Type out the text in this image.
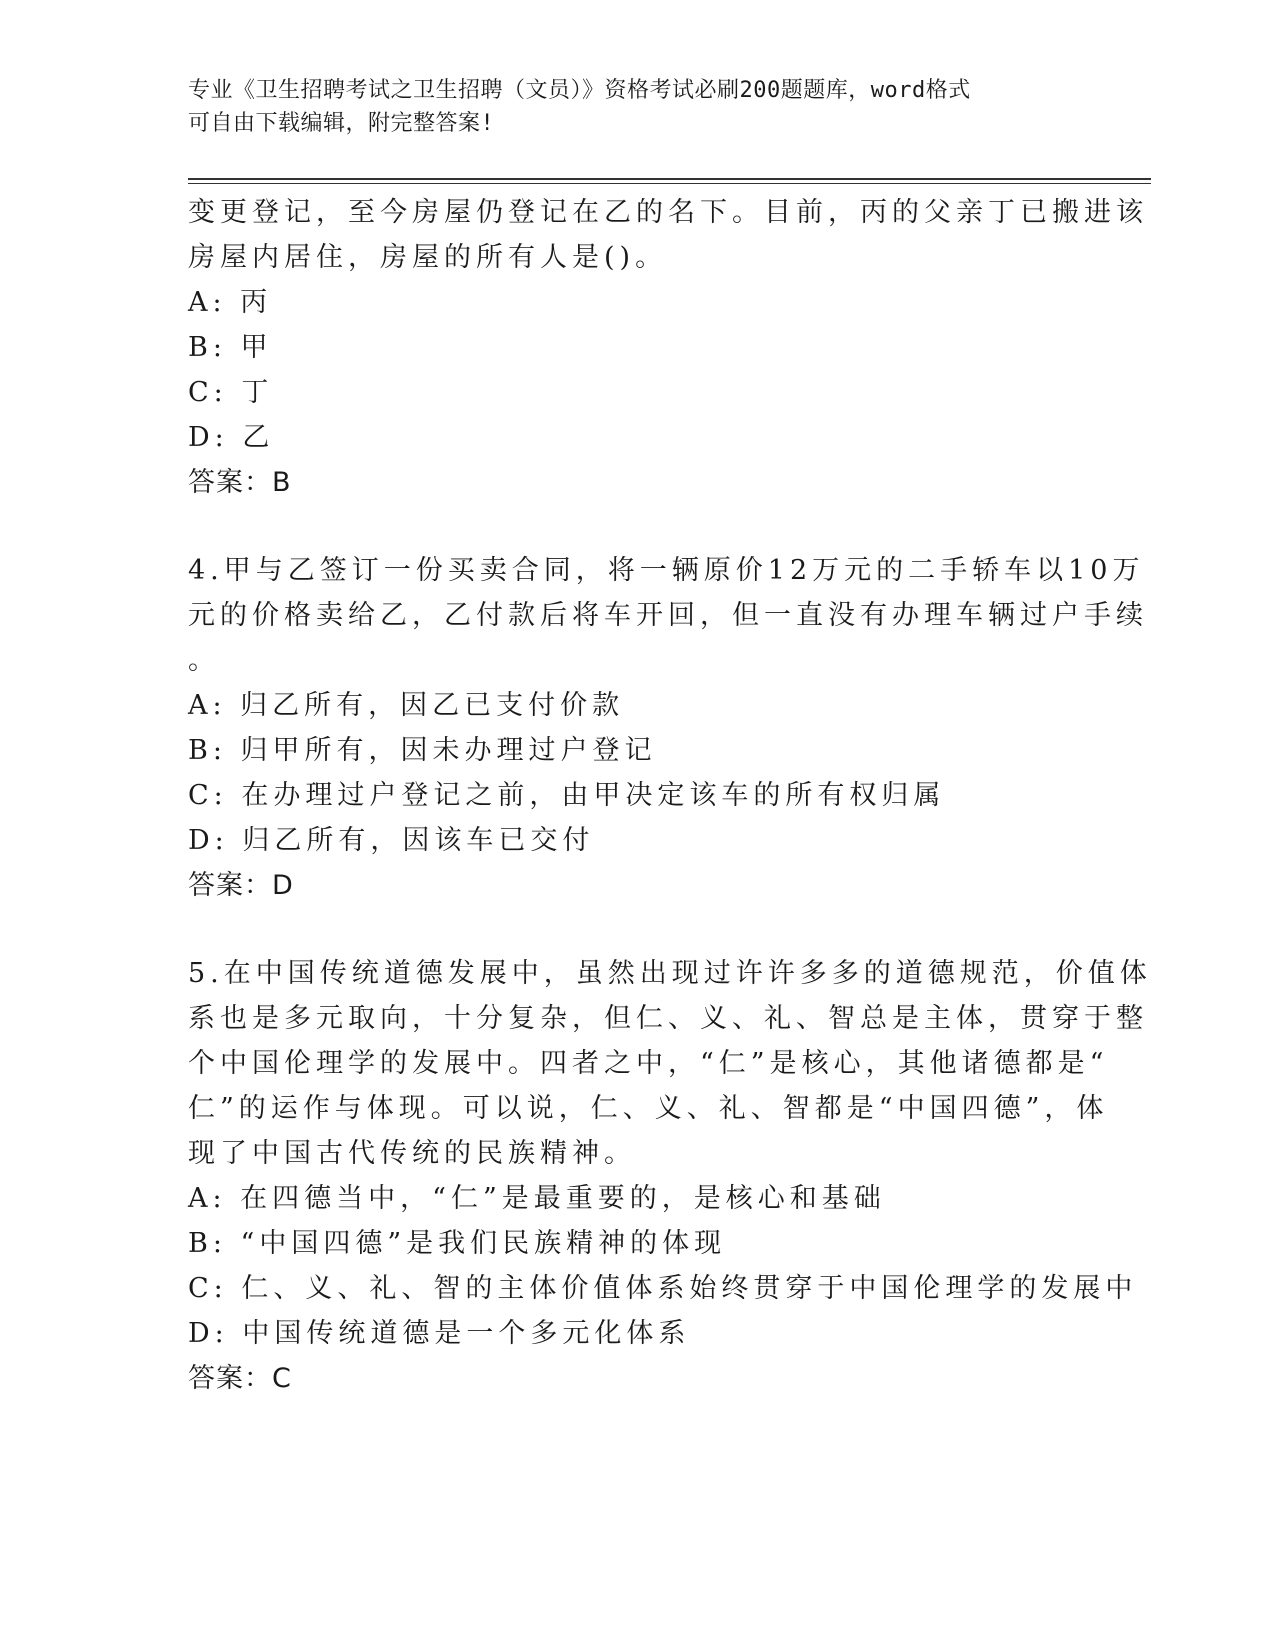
专业《卫生招聘考试之卫生招聘（文员）》资格考试必刷200题题库，word格式
可自由下载编辑，附完整答案!
变更登记，至今房屋仍登记在乙的名下。目前，丙的父亲丁已搬进该
房屋内居住，房屋的所有人是()。
A: 丙
B: 甲
C: 丁
D: 乙
答案：B
4.甲与乙签订一份买卖合同，将一辆原价12万元的二手轿车以10万
元的价格卖给乙，乙付款后将车开回，但一直没有办理车辆过户手续
。
A: 归乙所有，因乙已支付价款
B: 归甲所有，因未办理过户登记
C: 在办理过户登记之前，由甲决定该车的所有权归属
D: 归乙所有，因该车已交付
答案：D
5.在中国传统道德发展中，虽然出现过许许多多的道德规范，价值体
系也是多元取向，十分复杂，但仁、义、礼、智总是主体，贯穿于整
个中国伦理学的发展中。四者之中，“仁”是核心，其他诸德都是“
仁”的运作与体现。可以说，仁、义、礼、智都是“中国四德”，体
现了中国古代传统的民族精神。
A: 在四德当中，“仁”是最重要的，是核心和基础
B: “中国四德”是我们民族精神的体现
C: 仁、义、礼、智的主体价值体系始终贯穿于中国伦理学的发展中
D: 中国传统道德是一个多元化体系
答案：C
